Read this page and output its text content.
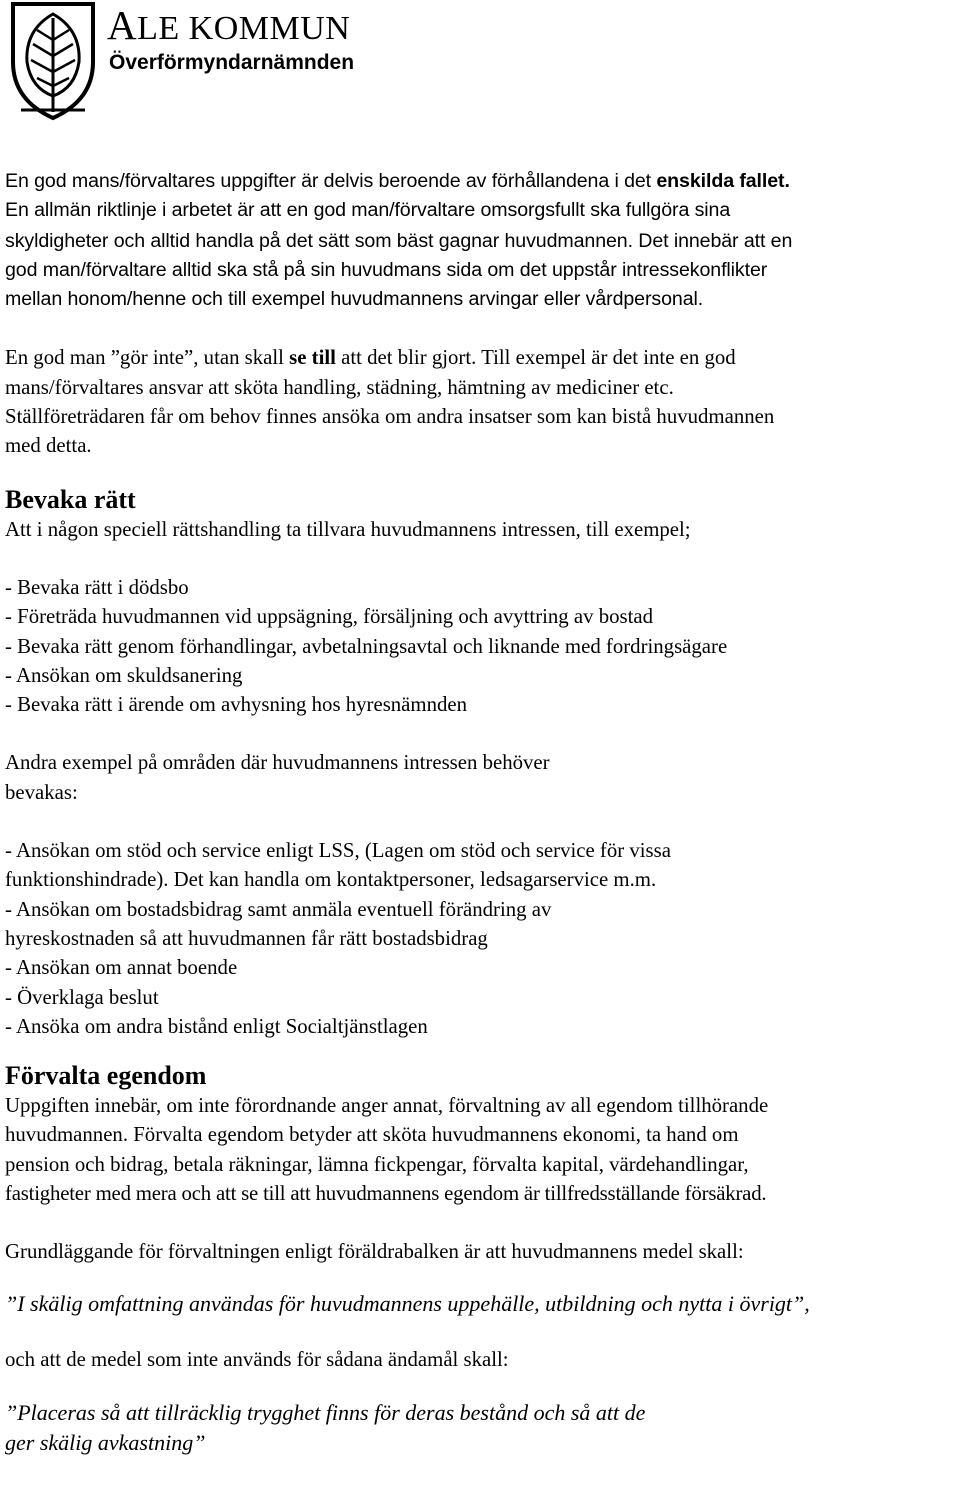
ALE KOMMUN
Överförmyndarnämnden

En god mans/förvaltares uppgifter är delvis beroende av förhållandena i det enskilda fallet.

En allmän riktlinje i arbetet är att en god man/förvaltare omsorgsfullt ska fullgöra sina

skyldigheter och alltid handla på det sätt som bäst gagnar huvudmannen. Det innebär att en

god man/förvaltare alltid ska stå på sin huvudmans sida om det uppstår intressekonflikter

mellan honom/henne och till exempel huvudmannens arvingar eller vårdpersonal.

En god man ”gör inte”, utan skall se till att det blir gjort. Till exempel är det inte en god

mans/förvaltares ansvar att sköta handling, städning, hämtning av mediciner etc.

Ställföreträdaren får om behov finnes ansöka om andra insatser som kan bistå huvudmannen

med detta.

Bevaka rätt

Att i någon speciell rättshandling ta tillvara huvudmannens intressen, till exempel;

- Bevaka rätt i dödsbo

- Företräda huvudmannen vid uppsägning, försäljning och avyttring av bostad

- Bevaka rätt genom förhandlingar, avbetalningsavtal och liknande med fordringsägare

- Ansökan om skuldsanering

- Bevaka rätt i ärende om avhysning hos hyresnämnden

Andra exempel på områden där huvudmannens intressen behöver

bevakas:

- Ansökan om stöd och service enligt LSS, (Lagen om stöd och service för vissa

funktionshindrade). Det kan handla om kontaktpersoner, ledsagarservice m.m.

- Ansökan om bostadsbidrag samt anmäla eventuell förändring av

hyreskostnaden så att huvudmannen får rätt bostadsbidrag

- Ansökan om annat boende

- Överklaga beslut

- Ansöka om andra bistånd enligt Socialtjänstlagen

Förvalta egendom

Uppgiften innebär, om inte förordnande anger annat, förvaltning av all egendom tillhörande

huvudmannen. Förvalta egendom betyder att sköta huvudmannens ekonomi, ta hand om

pension och bidrag, betala räkningar, lämna fickpengar, förvalta kapital, värdehandlingar,

fastigheter med mera och att se till att huvudmannens egendom är tillfredsställande försäkrad.

Grundläggande för förvaltningen enligt föräldrabalken är att huvudmannens medel skall:

”I skälig omfattning användas för huvudmannens uppehälle, utbildning och nytta i övrigt”,

och att de medel som inte används för sådana ändamål skall:

”Placeras så att tillräcklig trygghet finns för deras bestånd och så att de

ger skälig avkastning”
